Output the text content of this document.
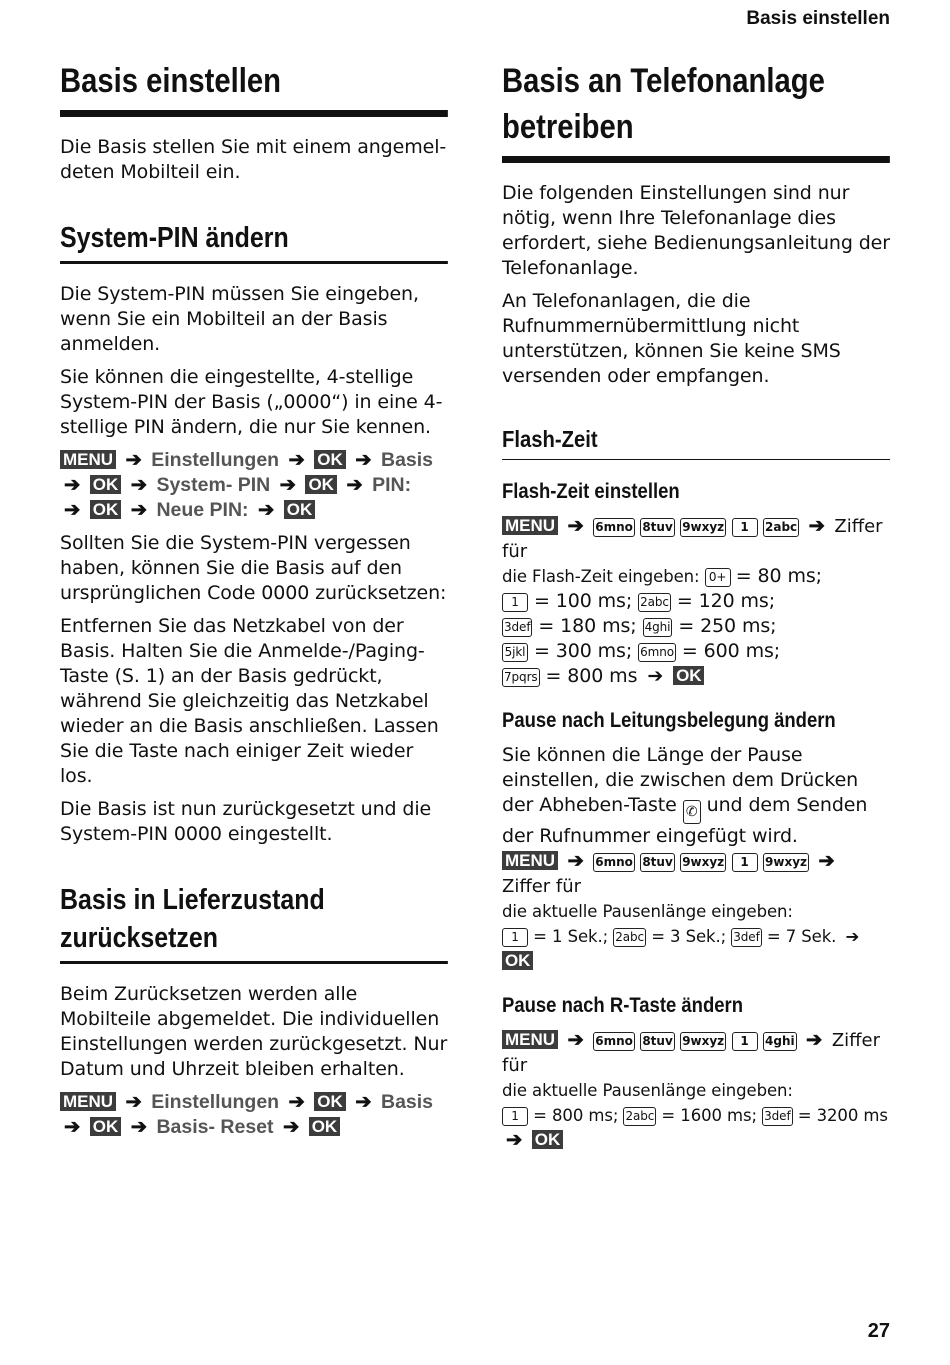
Basis einstellen
Basis einstellen

Die Basis stellen Sie mit einem angemel-deten Mobilteil ein.

System-PIN ändern

Die System-PIN müssen Sie eingeben, wenn Sie ein Mobilteil an der Basis anmelden.

Sie können die eingestellte, 4-stellige System-PIN der Basis („0000“) in eine 4-stellige PIN ändern, die nur Sie kennen.

MENU ➔ Einstellungen ➔ OK ➔ Basis
➔ OK ➔ System- PIN ➔ OK ➔ PIN:
➔ OK ➔ Neue PIN: ➔ OK

Sollten Sie die System-PIN vergessen haben, können Sie die Basis auf den ursprünglichen Code 0000 zurücksetzen:

Entfernen Sie das Netzkabel von der Basis. Halten Sie die Anmelde-/Paging-Taste (S. 1) an der Basis gedrückt, während Sie gleichzeitig das Netzkabel wieder an die Basis anschließen. Lassen Sie die Taste nach einiger Zeit wieder los.

Die Basis ist nun zurückgesetzt und die System-PIN 0000 eingestellt.

Basis in Lieferzustand
zurücksetzen

Beim Zurücksetzen werden alle Mobilteile abgemeldet. Die individuellen Einstellungen werden zurückgesetzt. Nur Datum und Uhrzeit bleiben erhalten.

MENU ➔ Einstellungen ➔ OK ➔ Basis
➔ OK ➔ Basis- Reset ➔ OK
Basis an Telefonanlage
betreiben

Die folgenden Einstellungen sind nur nötig, wenn Ihre Telefonanlage dies erfordert, siehe Bedienungsanleitung der Telefonanlage.

An Telefonanlagen, die die Rufnummernübermittlung nicht unterstützen, können Sie keine SMS versenden oder empfangen.

Flash-Zeit
Flash-Zeit einstellen
MENU ➔ 6mno 8tuv 9wxyz 1 2abc ➔ Ziffer für

die Flash-Zeit eingeben: 0+ = 80 ms;

1 = 100 ms; 2abc = 120 ms;

3def = 180 ms; 4ghi = 250 ms;

5jkl = 300 ms; 6mno = 600 ms;

7pqrs = 800 ms ➔ OK

Pause nach Leitungsbelegung ändern

Sie können die Länge der Pause einstellen, die zwischen dem Drücken der Abheben-Taste ✆ und dem Senden der Rufnummer eingefügt wird.

MENU ➔ 6mno 8tuv 9wxyz 1 9wxyz ➔ Ziffer für

die aktuelle Pausenlänge eingeben:

1 = 1 Sek.; 2abc = 3 Sek.; 3def = 7 Sek. ➔ OK

Pause nach R-Taste ändern
MENU ➔ 6mno 8tuv 9wxyz 1 4ghi ➔ Ziffer für

die aktuelle Pausenlänge eingeben:

1 = 800 ms; 2abc = 1600 ms; 3def = 3200 ms

➔ OK
27
